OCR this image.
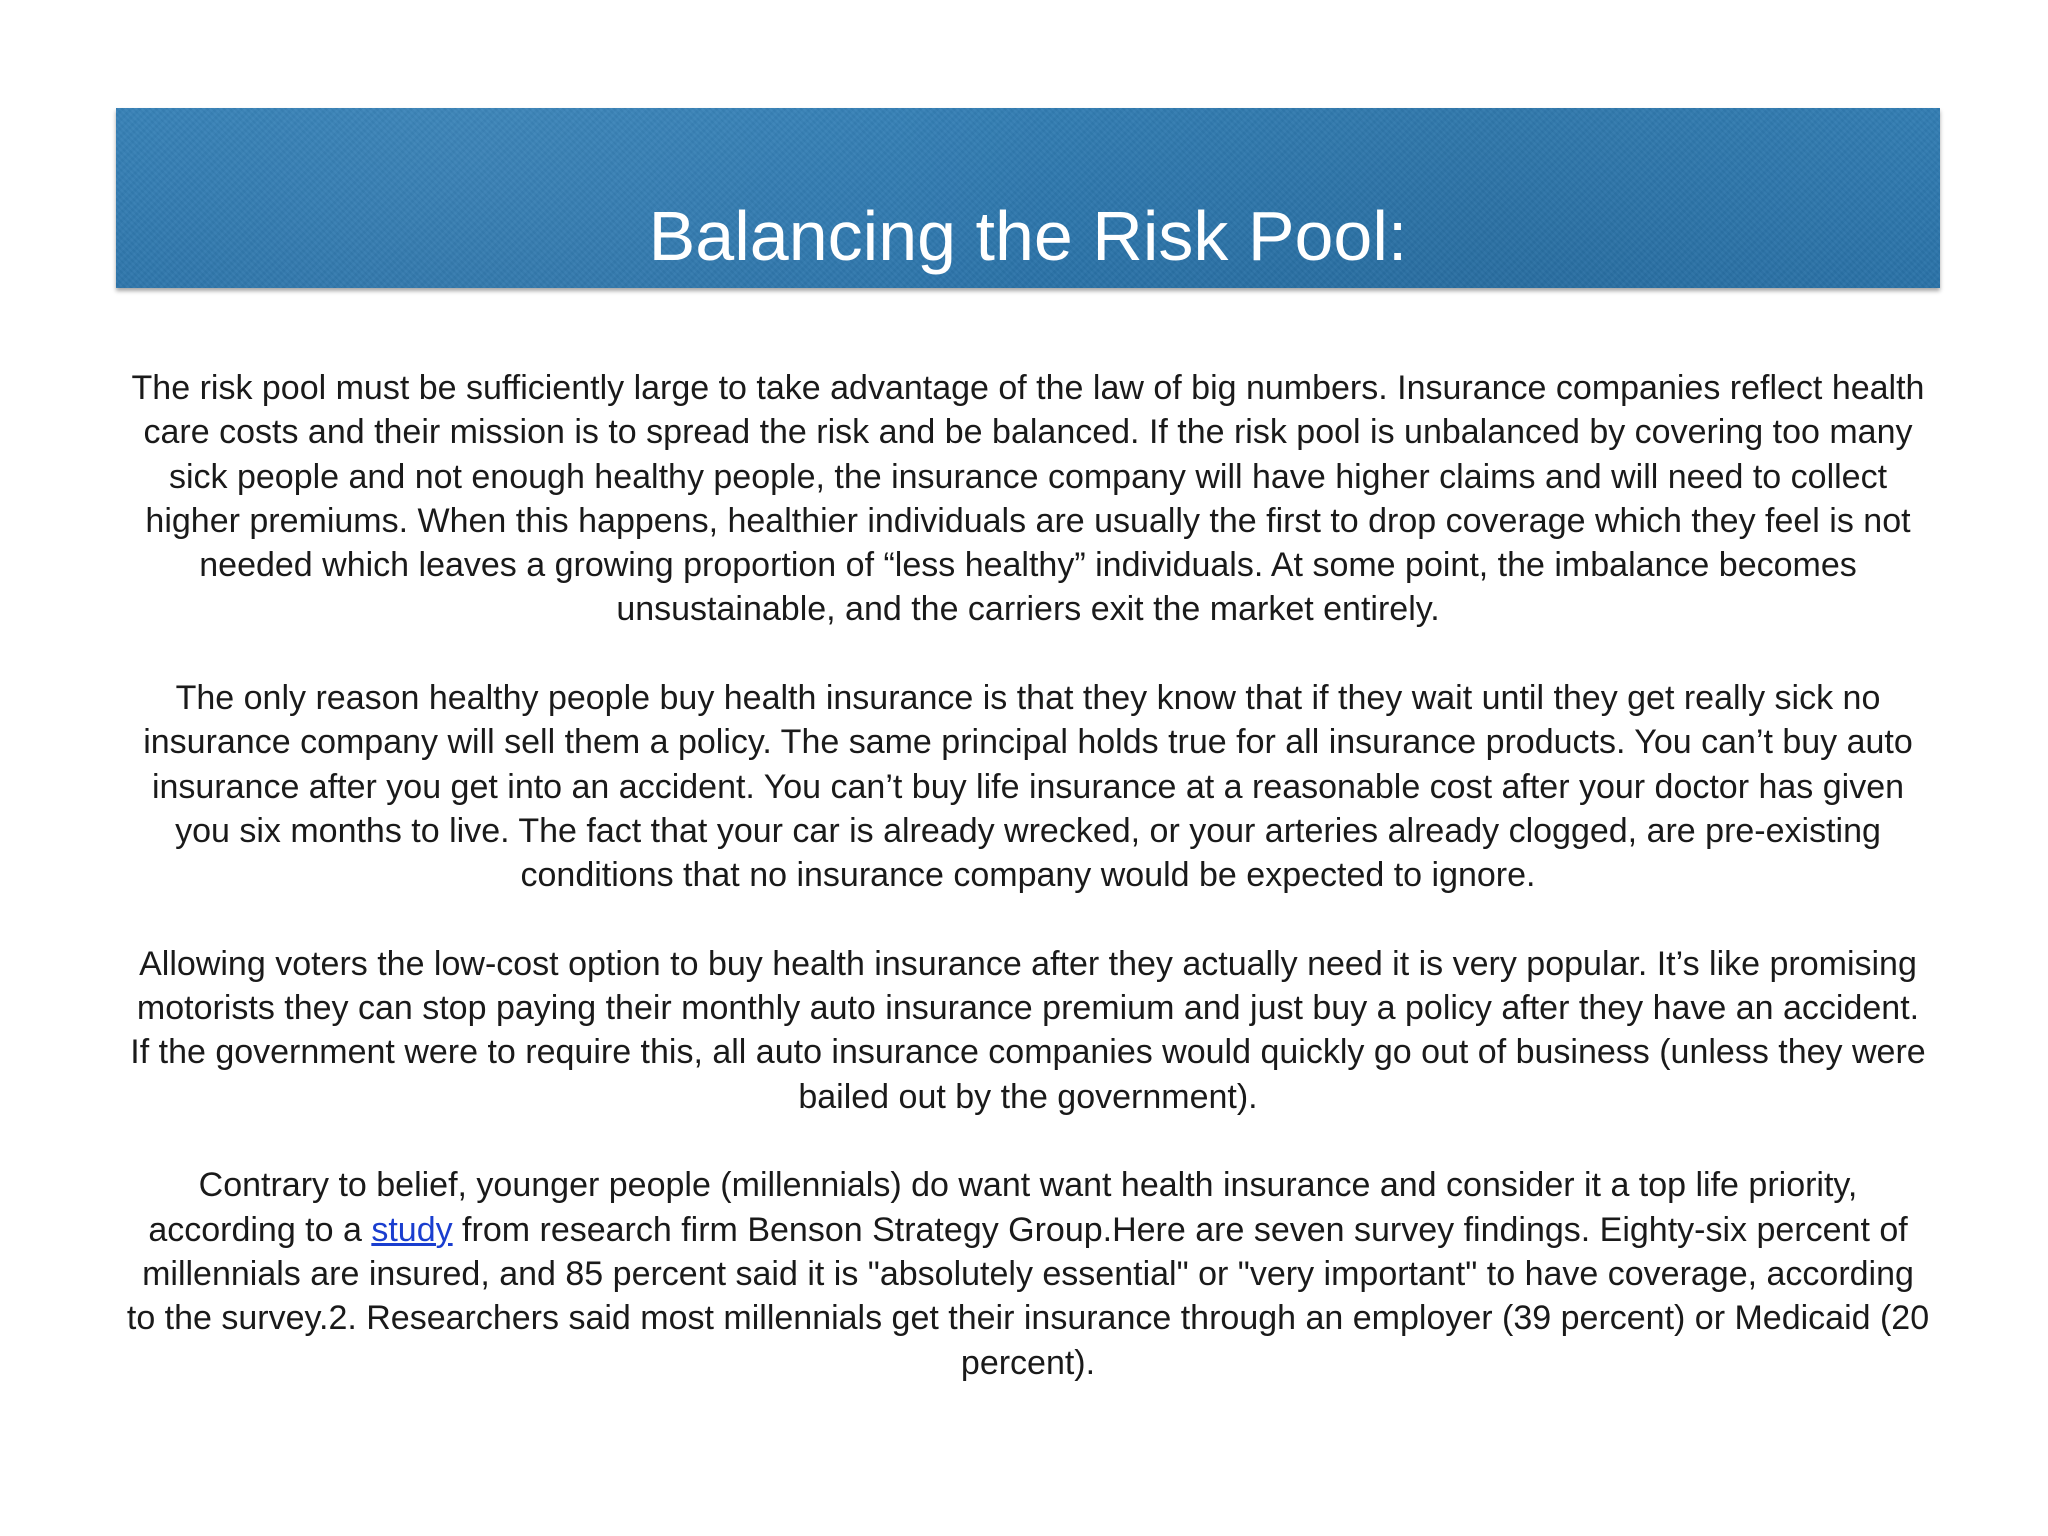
Balancing the Risk Pool:

The risk pool must be sufficiently large to take advantage of the law of big numbers. Insurance companies reflect health care costs and their mission is to spread the risk and be balanced. If the risk pool is unbalanced by covering too many sick people and not enough healthy people, the insurance company will have higher claims and will need to collect higher premiums. When this happens, healthier individuals are usually the first to drop coverage which they feel is not needed which leaves a growing proportion of “less healthy” individuals. At some point, the imbalance becomes unsustainable, and the carriers exit the market entirely.

The only reason healthy people buy health insurance is that they know that if they wait until they get really sick no insurance company will sell them a policy. The same principal holds true for all insurance products. You can’t buy auto insurance after you get into an accident. You can’t buy life insurance at a reasonable cost after your doctor has given you six months to live. The fact that your car is already wrecked, or your arteries already clogged, are pre-existing conditions that no insurance company would be expected to ignore.

Allowing voters the low-cost option to buy health insurance after they actually need it is very popular. It’s like promising motorists they can stop paying their monthly auto insurance premium and just buy a policy after they have an accident. If the government were to require this, all auto insurance companies would quickly go out of business (unless they were bailed out by the government).

Contrary to belief, younger people (millennials) do want want health insurance and consider it a top life priority, according to a study from research firm Benson Strategy Group.Here are seven survey findings. Eighty-six percent of millennials are insured, and 85 percent said it is "absolutely essential" or "very important" to have coverage, according to the survey.2. Researchers said most millennials get their insurance through an employer (39 percent) or Medicaid (20 percent).
